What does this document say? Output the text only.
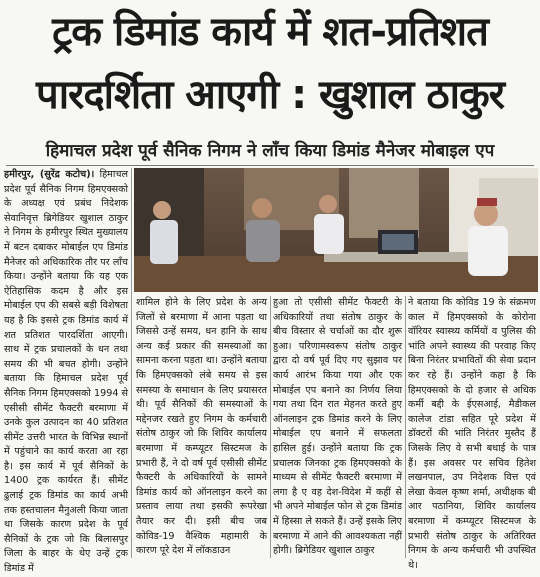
ट्रक डिमांड कार्य में शत-प्रतिशत
पारदर्शिता आएगी : खुशाल ठाकुर
हिमाचल प्रदेश पूर्व सैनिक निगम ने लॉंच किया डिमांड मैनेजर मोबाइल एप

हमीरपुर, (सुरेंद्र कटोच)। हिमाचल प्रदेश पूर्व सैनिक निगम हिमएक्सको के अध्यक्ष एवं प्रबंध निदेशक सेवानिवृत्त ब्रिगेडियर खुशाल ठाकुर ने निगम के हमीरपुर स्थित मुख्यालय में बटन दबाकर मोबाईल एप डिमांड मैनेजर को अधिकारिक तौर पर लॉंच किया। उन्होंने बताया कि यह एक ऐतिहासिक कदम है और इस मोबाईल एप की सबसे बड़ी विशेषता यह है कि इससे ट्रक डिमांड कार्य में शत प्रतिशत पारदर्शिता आएगी। साथ में ट्रक प्रचालकों के धन तथा समय की भी बचत होगी। उन्होंने बताया कि हिमाचल प्रदेश पूर्व सैनिक निगम हिमएक्सको 1994 से एसीसी सीमेंट फैक्टरी बरमाणा में उनके कुल उत्पादन का 40 प्रतिशत सीमेंट उत्तरी भारत के विभिन्न स्थानों में पहुंचाने का कार्य करता आ रहा है। इस कार्य में पूर्व सैनिकों के 1400 ट्रक कार्यरत हैं। सीमेंट ढुलाई ट्रक डिमांड का कार्य अभी तक हस्तचालन मैनुअली किया जाता था जिसके कारण प्रदेश के पूर्व सैनिकों के ट्रक जो कि बिलासपुर जिला के बाहर के थेए उन्हें ट्रक डिमांड में

शामिल होने के लिए प्रदेश के अन्य जिलों से बरमाणा में आना पड़ता था जिससे उन्हें समय, धन हानि के साथ अन्य कई प्रकार की समस्याओं का सामना करना पड़ता था। उन्होंने बताया कि हिमएक्सको लंबे समय से इस समस्या के समाधान के लिए प्रयासरत थी। पूर्व सैनिकों की समस्याओं के मद्देनजर रखते हुए निगम के कर्मचारी संतोष ठाकुर जो कि शिविर कार्यालय बरमाणा में कम्प्यूटर सिस्टमज के प्रभारी हैं, ने दो वर्ष पूर्व एसीसी सीमेंट फैक्टरी के अधिकारियों के सामने डिमांड कार्य को ऑनलाइन करने का प्रस्ताव लाया तथा इसकी रूपरेखा तैयार कर दी। इसी बीच जब कोविड-19 वैश्विक महामारी के कारण पूरे देश में लॉकडाउन

हुआ तो एसीसी सीमेंट फैक्टरी के अधिकारियों तथा संतोष ठाकुर के बीच विस्तार से चर्चाओं का दौर शुरू हुआ। परिणामस्वरूप संतोष ठाकुर द्वारा दो वर्ष पूर्व दिए गए सुझाव पर कार्य आरंभ किया गया और एक मोबाईल एप बनाने का निर्णय लिया गया तथा दिन रात मेहनत करते हुए ऑनलाइन ट्रक डिमांड करने के लिए मोबाईल एप बनाने में सफलता हासिल हुई। उन्होंने बताया कि ट्रक प्रचालक जिनका ट्रक हिमएक्सको के माध्यम से सीमेंट फैक्टरी बरमाणा में लगा है ए वह देश-विदेश में कहीं से भी अपने मोबाईल फोन से ट्रक डिमांड में हिस्सा ले सकते हैं। उन्हें इसके लिए बरमाणा में आने की आवश्यकता नहीं होगी। ब्रिगेडियर खुशाल ठाकुर

ने बताया कि कोविड 19 के संक्रमण काल में हिमएक्सको के कोरोना वॉरियर स्वास्थ्य कर्मियों व पुलिस की भांति अपने स्वास्थ्य की परवाह किए बिना निरंतर प्रभावितों की सेवा प्रदान कर रहे हैं। उन्होंने कहा है कि हिमएक्सको के दो हजार से अधिक कर्मी बद्दी के ईएसआई, मैडीकल कालेज टांडा सहित पूरे प्रदेश में डॉक्टरों की भांति निरंतर मुस्तैद हैं जिसके लिए वे सभी बधाई के पात्र हैं। इस अवसर पर सचिव हितेश लखनपाल, उप निदेशक वित्त एवं लेखा केवल कृष्ण शर्मा, अधीक्षक बी आर पठानिया, शिविर कार्यालय बरमाणा में कम्प्यूटर सिस्टमज के प्रभारी संतोष ठाकुर के अतिरिक्त निगम के अन्य कर्मचारी भी उपस्थित थे।
